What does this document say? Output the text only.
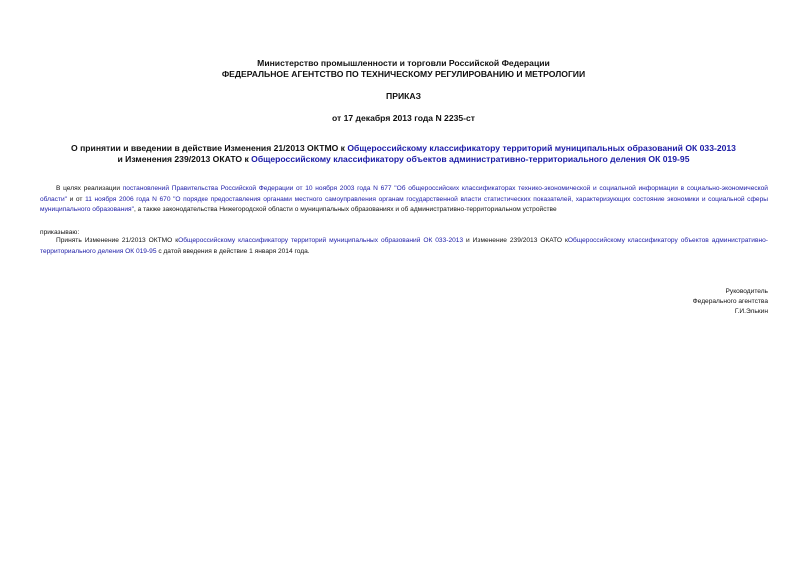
Министерство промышленности и торговли Российской Федерации
ФЕДЕРАЛЬНОЕ АГЕНТСТВО ПО ТЕХНИЧЕСКОМУ РЕГУЛИРОВАНИЮ И МЕТРОЛОГИИ
ПРИКАЗ
от 17 декабря 2013 года N 2235-ст
О принятии и введении в действие Изменения 21/2013 ОКТМО к Общероссийскому классификатору территорий муниципальных образований ОК 033-2013
и Изменения 239/2013 ОКАТО к Общероссийскому классификатору объектов административно-территориального деления ОК 019-95
В целях реализации постановлений Правительства Российской Федерации от 10 ноября 2003 года N 677 "Об общероссийских классификаторах технико-экономической и социальной информации в социально-экономической области" и от 11 ноября 2006 года N 670 "О порядке предоставления органами местного самоуправления органам государственной власти статистических показателей, характеризующих состояние экономики и социальной сферы муниципального образования", а также законодательства Нижегородской области о муниципальных образованиях и об административно-территориальном устройстве
приказываю:
Принять Изменение 21/2013 ОКТМО кОбщероссийскому классификатору территорий муниципальных образований ОК 033-2013 и Изменение 239/2013 ОКАТО кОбщероссийскому классификатору объектов административно-территориального деления ОК 019-95 с датой введения в действие 1 января 2014 года.
Руководитель
Федерального агентства
Г.И.Элькин
